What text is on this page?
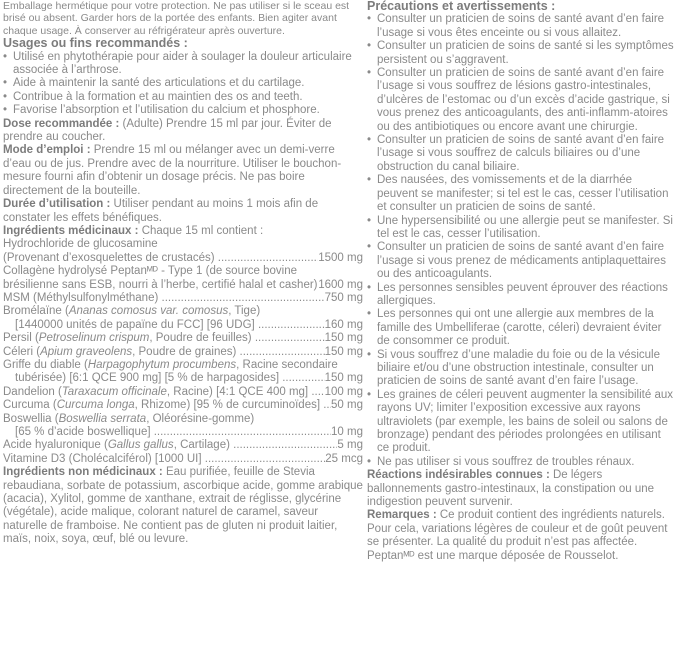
Emballage hermétique pour votre protection. Ne pas utiliser si le sceau est brisé ou absent. Garder hors de la portée des enfants. Bien agiter avant chaque usage. À conserver au réfrigérateur après ouverture.

Usages ou fins recommandés :

• Utilisé en phytothérapie pour aider à soulager la douleur articulaire associée à l’arthrose.
• Aide à maintenir la santé des articulations et du cartilage.
• Contribue à la formation et au maintien des os and teeth.
• Favorise l’absorption et l’utilisation du calcium et phosphore.

Dose recommandée : (Adulte) Prendre 15 ml par jour. Éviter de prendre au coucher.

Mode d’emploi : Prendre 15 ml ou mélanger avec un demi-verre d’eau ou de jus. Prendre avec de la nourriture. Utiliser le bouchon-mesure fourni afin d’obtenir un dosage précis. Ne pas boire directement de la bouteille.

Durée d’utilisation : Utiliser pendant au moins 1 mois afin de constater les effets bénéfiques.

Ingrédients médicinaux : Chaque 15 ml contient :

Hydrochloride de glucosamine

(Provenant d’exosquelettes de crustacés) .....	1500 mg

Collagène hydrolysé Peptanᴹᴰ - Type 1 (de source bovine

brésilienne sans ESB, nourri à l’herbe, certifié halal et casher) ..... 1600 mg
MSM (Méthylsulfonylméthane) .....	750 mg

Bromélaïne (Ananas comosus var. comosus, Tige)

[1440000 unités de papaïne du FCC] [96 UDG] .....	160 mg
Persil (Petroselinum crispum, Poudre de feuilles) .....	150 mg
Céleri (Apium graveolens, Poudre de graines) .....	150 mg

Griffe du diable (Harpagophytum procumbens, Racine secondaire

tubérisée) [6:1 QCE 900 mg] [5 % de harpagosides] .....	150 mg
Dandelion (Taraxacum officinale, Racine) [4:1 QCE 400 mg] .....	100 mg
Curcuma (Curcuma longa, Rhizome) [95 % de curcuminoïdes] ..... 50 mg

Boswellia (Boswellia serrata, Oléorésine-gomme)

[65 % d’acide boswellique] .....	10 mg
Acide hyaluronique (Gallus gallus, Cartilage) .....	5 mg
Vitamine D3 (Cholécalciférol) [1000 UI] .....	25 mcg

Ingrédients non médicinaux : Eau purifiée, feuille de Stevia rebaudiana, sorbate de potassium, ascorbique acide, gomme arabique (acacia), Xylitol, gomme de xanthane, extrait de réglisse, glycérine (végétale), acide malique, colorant naturel de caramel, saveur naturelle de framboise. Ne contient pas de gluten ni produit laitier, maïs, noix, soya, œuf, blé ou levure.

Précautions et avertissements :

• Consulter un praticien de soins de santé avant d’en faire l’usage si vous êtes enceinte ou si vous allaitez.
• Consulter un praticien de soins de santé si les symptômes persistent ou s’aggravent.
• Consulter un praticien de soins de santé avant d’en faire l’usage si vous souffrez de lésions gastro-intestinales, d’ulcères de l’estomac ou d’un excès d’acide gastrique, si vous prenez des anticoagulants, des anti-inflamm-atoires ou des antibiotiques ou encore avant une chirurgie.
• Consulter un praticien de soins de santé avant d’en faire l’usage si vous souffrez de calculs biliaires ou d’une obstruction du canal biliaire.
• Des nausées, des vomissements et de la diarrhée peuvent se manifester; si tel est le cas, cesser l’utilisation et consulter un praticien de soins de santé.
• Une hypersensibilité ou une allergie peut se manifester. Si tel est le cas, cesser l’utilisation.
• Consulter un praticien de soins de santé avant d’en faire l’usage si vous prenez de médicaments antiplaquettaires ou des anticoagulants.
• Les personnes sensibles peuvent éprouver des réactions allergiques.
• Les personnes qui ont une allergie aux membres de la famille des Umbelliferae (carotte, céleri) devraient éviter de consommer ce produit.
• Si vous souffrez d’une maladie du foie ou de la vésicule biliaire et/ou d’une obstruction intestinale, consulter un praticien de soins de santé avant d’en faire l’usage.
• Les graines de céleri peuvent augmenter la sensibilité aux rayons UV; limiter l’exposition excessive aux rayons ultraviolets (par exemple, les bains de soleil ou salons de bronzage) pendant des périodes prolongées en utilisant ce produit.
• Ne pas utiliser si vous souffrez de troubles rénaux.

Réactions indésirables connues : De légers ballonnements gastro-intestinaux, la constipation ou une indigestion peuvent survenir.

Remarques : Ce produit contient des ingrédients naturels. Pour cela, variations légères de couleur et de goût peuvent se présenter. La qualité du produit n’est pas affectée.

Peptanᴹᴰ est une marque déposée de Rousselot.
